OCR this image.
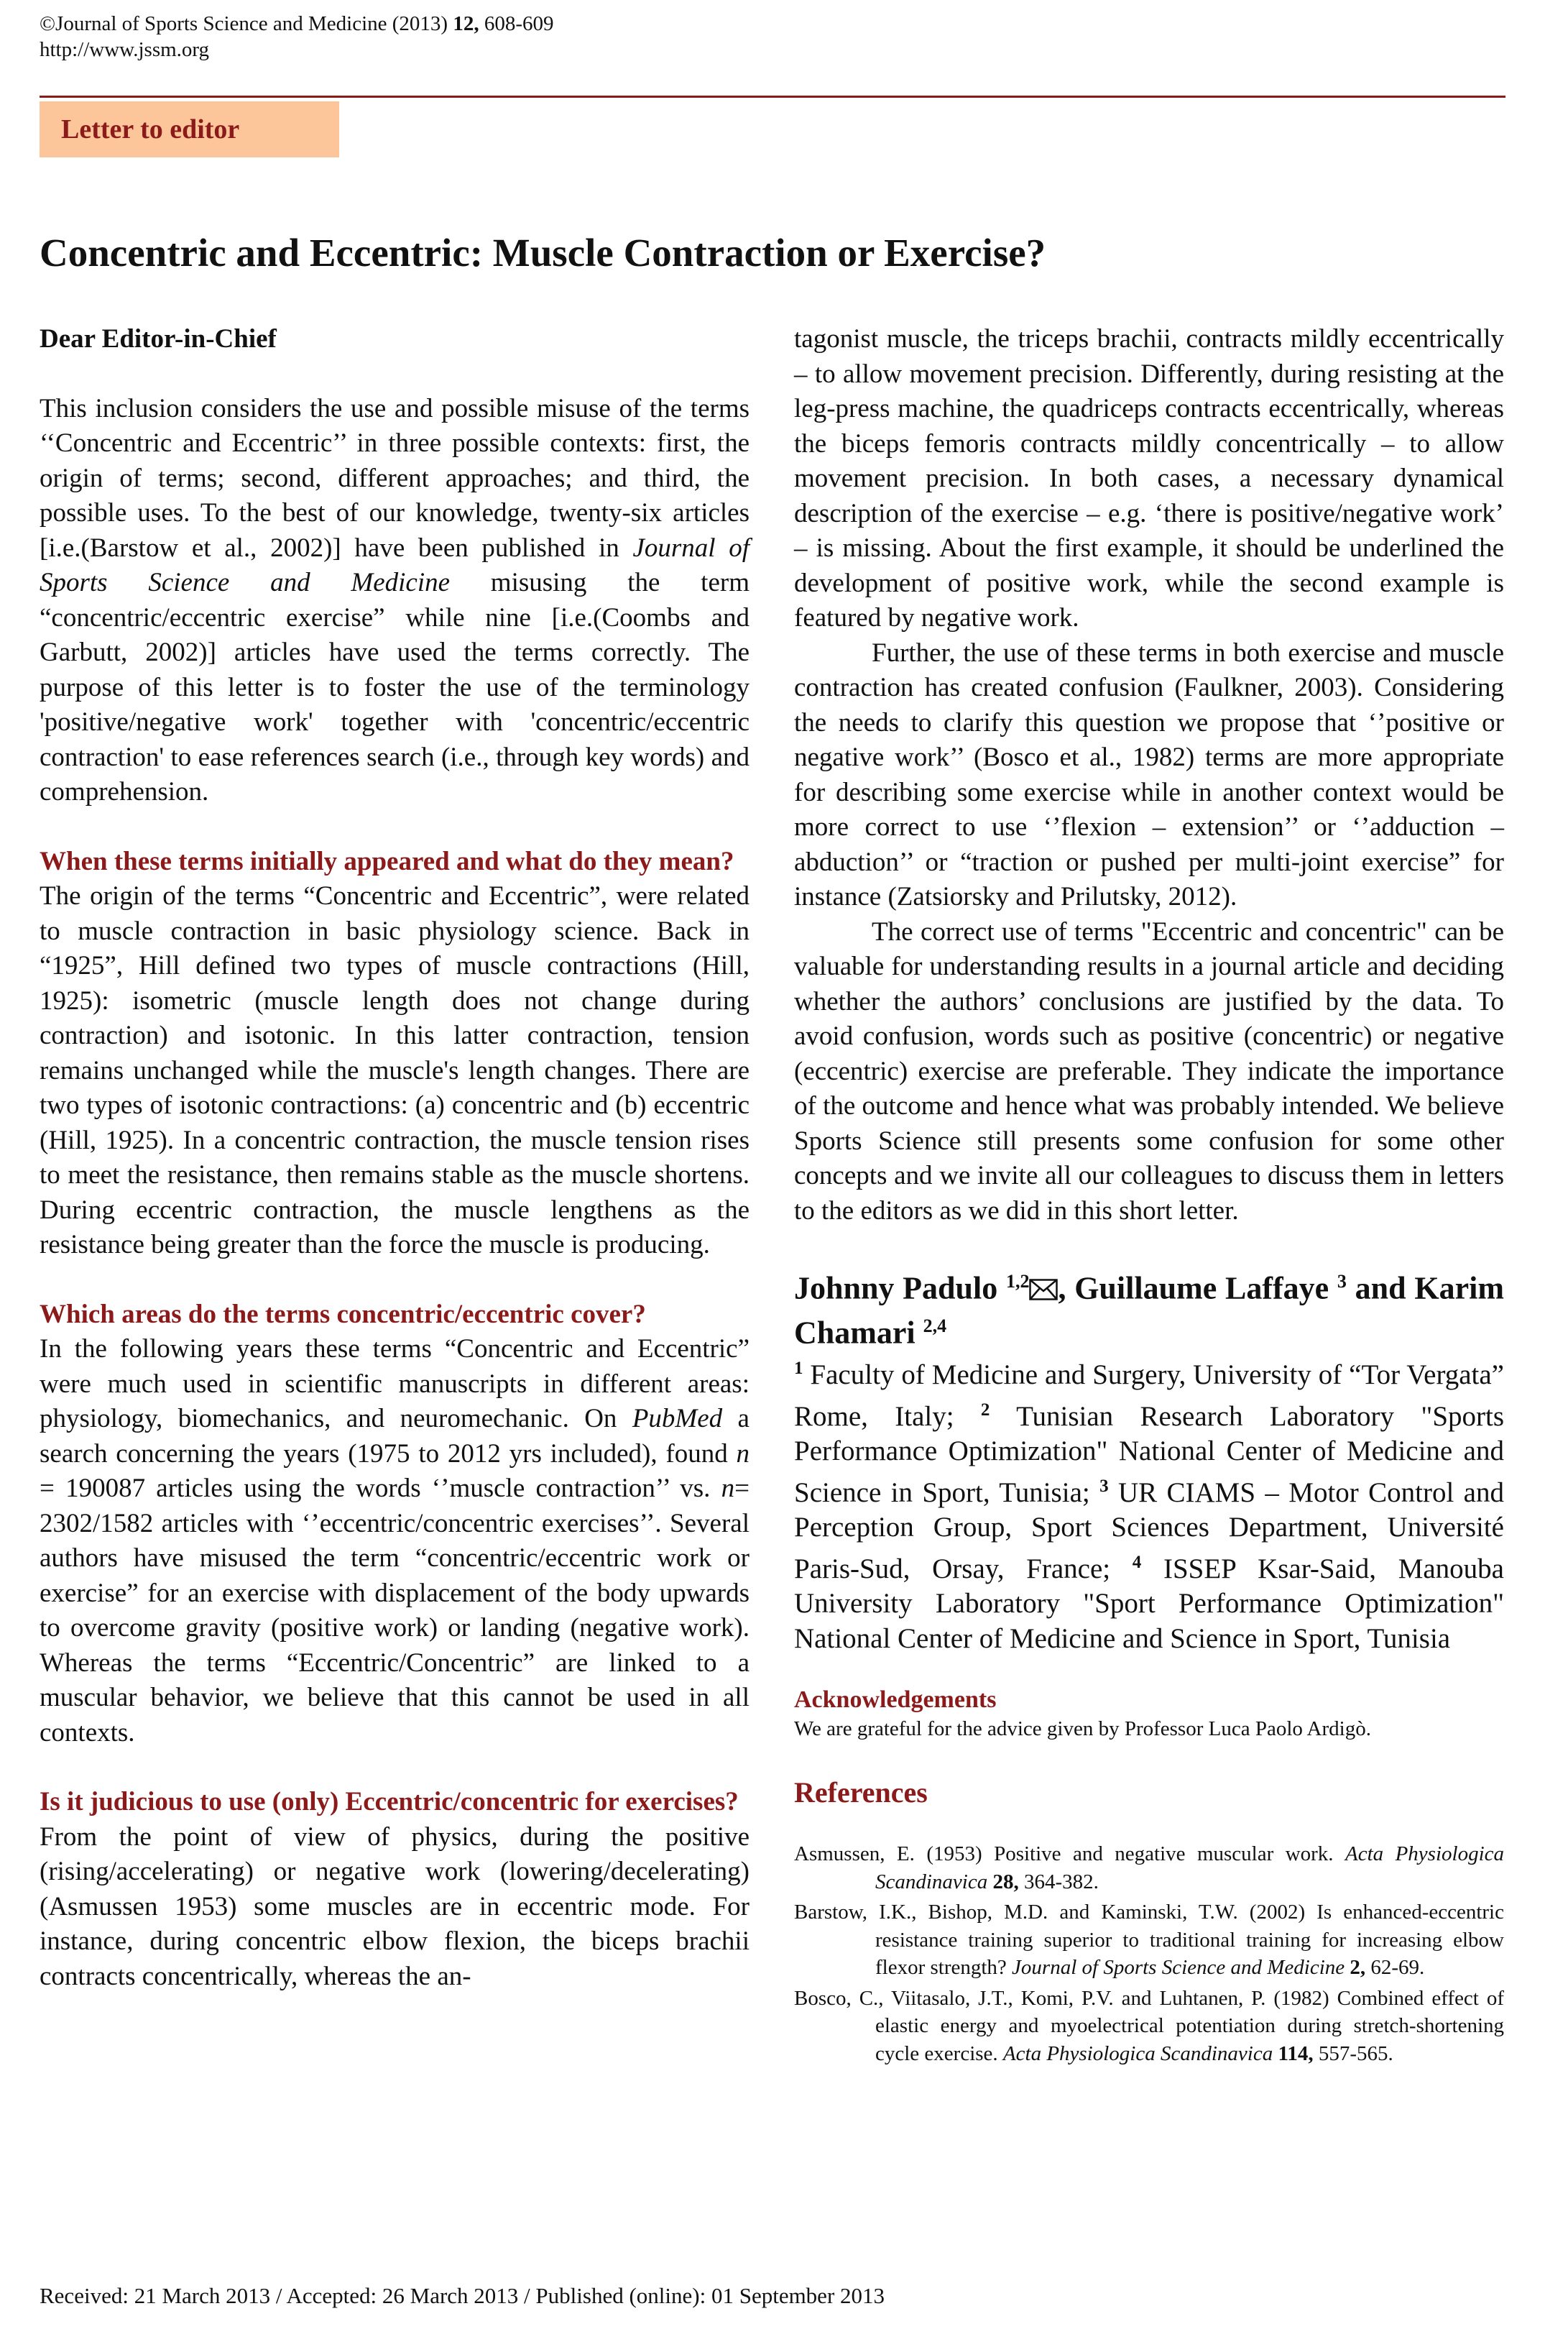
©Journal of Sports Science and Medicine (2013) 12, 608-609
http://www.jssm.org
Letter to editor
Concentric and Eccentric: Muscle Contraction or Exercise?

Dear Editor-in-Chief

This inclusion considers the use and possible misuse of the terms ‘‘Concentric and Eccentric’’ in three possible contexts: first, the origin of terms; second, different approaches; and third, the possible uses. To the best of our knowledge, twenty-six articles [i.e.(Barstow et al., 2002)] have been published in Journal of Sports Science and Medicine misusing the term “concentric/eccentric exercise” while nine [i.e.(Coombs and Garbutt, 2002)] articles have used the terms correctly. The purpose of this letter is to foster the use of the terminology 'positive/negative work' together with 'concentric/eccentric contraction' to ease references search (i.e., through key words) and comprehension.

When these terms initially appeared and what do they mean?

The origin of the terms “Concentric and Eccentric”, were related to muscle contraction in basic physiology science. Back in “1925”, Hill defined two types of muscle contractions (Hill, 1925): isometric (muscle length does not change during contraction) and isotonic. In this latter contraction, tension remains unchanged while the muscle's length changes. There are two types of isotonic contractions: (a) concentric and (b) eccentric (Hill, 1925). In a concentric contraction, the muscle tension rises to meet the resistance, then remains stable as the muscle shortens. During eccentric contraction, the muscle lengthens as the resistance being greater than the force the muscle is producing.

Which areas do the terms concentric/eccentric cover?

In the following years these terms “Concentric and Eccentric” were much used in scientific manuscripts in different areas: physiology, biomechanics, and neuromechanic. On PubMed a search concerning the years (1975 to 2012 yrs included), found n = 190087 articles using the words ‘’muscle contraction’’ vs. n= 2302/1582 articles with ‘’eccentric/concentric exercises’’. Several authors have misused the term “concentric/eccentric work or exercise” for an exercise with displacement of the body upwards to overcome gravity (positive work) or landing (negative work). Whereas the terms “Eccentric/Concentric” are linked to a muscular behavior, we believe that this cannot be used in all contexts.

Is it judicious to use (only) Eccentric/concentric for exercises?

From the point of view of physics, during the positive (rising/accelerating) or negative work (lowering/decelerating) (Asmussen 1953) some muscles are in eccentric mode. For instance, during concentric elbow flexion, the biceps brachii contracts concentrically, whereas the an-

tagonist muscle, the triceps brachii, contracts mildly eccentrically – to allow movement precision. Differently, during resisting at the leg-press machine, the quadriceps contracts eccentrically, whereas the biceps femoris contracts mildly concentrically – to allow movement precision. In both cases, a necessary dynamical description of the exercise – e.g. ‘there is positive/negative work’ – is missing. About the first example, it should be underlined the development of positive work, while the second example is featured by negative work.

Further, the use of these terms in both exercise and muscle contraction has created confusion (Faulkner, 2003). Considering the needs to clarify this question we propose that ‘’positive or negative work’’ (Bosco et al., 1982) terms are more appropriate for describing some exercise while in another context would be more correct to use ‘’flexion – extension’’ or ‘’adduction – abduction’’ or “traction or pushed per multi-joint exercise” for instance (Zatsiorsky and Prilutsky, 2012).

The correct use of terms "Eccentric and concentric" can be valuable for understanding results in a journal article and deciding whether the authors’ conclusions are justified by the data. To avoid confusion, words such as positive (concentric) or negative (eccentric) exercise are preferable. They indicate the importance of the outcome and hence what was probably intended. We believe Sports Science still presents some confusion for some other concepts and we invite all our colleagues to discuss them in letters to the editors as we did in this short letter.

Johnny Padulo $^{1,2}$ , Guillaume Laffaye $^3$ and Karim Chamari $^{2,4}$

$^1$ Faculty of Medicine and Surgery, University of “Tor Vergata” Rome, Italy; $^2$ Tunisian Research Laboratory "Sports Performance Optimization" National Center of Medicine and Science in Sport, Tunisia; $^3$ UR CIAMS – Motor Control and Perception Group, Sport Sciences Department, Université Paris-Sud, Orsay, France; $^4$ ISSEP Ksar-Said, Manouba University Laboratory "Sport Performance Optimization" National Center of Medicine and Science in Sport, Tunisia

Acknowledgements
We are grateful for the advice given by Professor Luca Paolo Ardigò.
References
Asmussen, E. (1953) Positive and negative muscular work. Acta Physiologica Scandinavica 28, 364-382.
Barstow, I.K., Bishop, M.D. and Kaminski, T.W. (2002) Is enhanced-eccentric resistance training superior to traditional training for increasing elbow flexor strength? Journal of Sports Science and Medicine 2, 62-69.
Bosco, C., Viitasalo, J.T., Komi, P.V. and Luhtanen, P. (1982) Combined effect of elastic energy and myoelectrical potentiation during stretch-shortening cycle exercise. Acta Physiologica Scandinavica 114, 557-565.
Received: 21 March 2013 / Accepted: 26 March 2013 / Published (online): 01 September 2013
